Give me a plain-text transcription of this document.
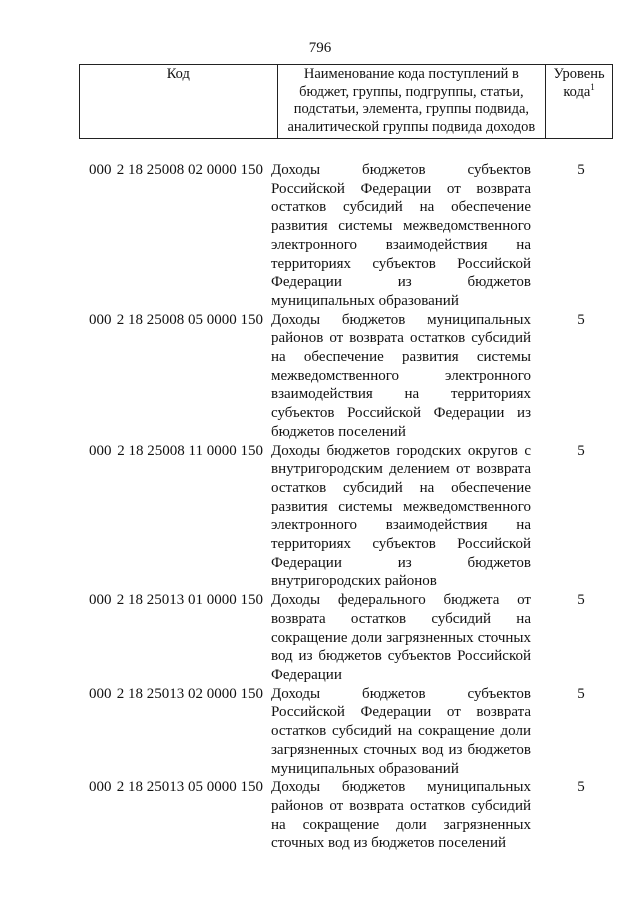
796
Код	Наименование кода поступлений в бюджет, группы, подгруппы, статьи, подстатьи, элемента, группы подвида, аналитической группы подвида доходов	Уровень кода$^1$
000 2 18 25008 02 0000 150 Доходы бюджетов субъектов
Российской Федерации от возврата
остатков субсидий на обеспечение
развития системы межведомственного
электронного взаимодействия на
территориях субъектов Российской
Федерации из бюджетов
муниципальных образований
5
000 2 18 25008 05 0000 150 Доходы бюджетов муниципальных
районов от возврата остатков субсидий
на обеспечение развития системы
межведомственного электронного
взаимодействия на территориях
субъектов Российской Федерации из
бюджетов поселений
5
000 2 18 25008 11 0000 150 Доходы бюджетов городских округов с
внутригородским делением от возврата
остатков субсидий на обеспечение
развития системы межведомственного
электронного взаимодействия на
территориях субъектов Российской
Федерации из бюджетов
внутригородских районов
5
000 2 18 25013 01 0000 150 Доходы федерального бюджета от
возврата остатков субсидий на
сокращение доли загрязненных сточных
вод из бюджетов субъектов Российской
Федерации
5
000 2 18 25013 02 0000 150 Доходы бюджетов субъектов
Российской Федерации от возврата
остатков субсидий на сокращение доли
загрязненных сточных вод из бюджетов
муниципальных образований
5
000 2 18 25013 05 0000 150 Доходы бюджетов муниципальных
районов от возврата остатков субсидий
на сокращение доли загрязненных
сточных вод из бюджетов поселений
5
